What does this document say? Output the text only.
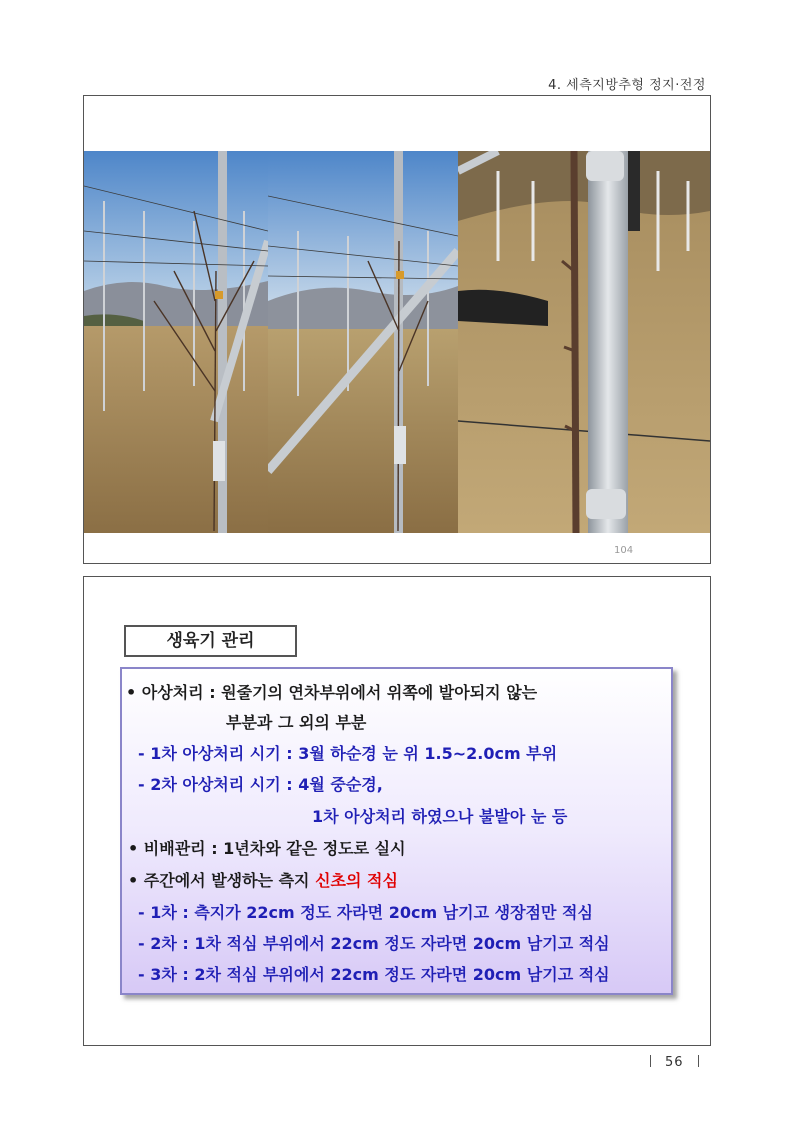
4. 세측지방추형 정지·전정
104
생육기 관리
• 아상처리 : 원줄기의 연차부위에서 위쪽에 발아되지 않는
부분과 그 외의 부분
- 1차 아상처리 시기 : 3월 하순경 눈 위 1.5~2.0cm 부위
- 2차 아상처리 시기 : 4월 중순경,
1차 아상처리 하였으나 불발아 눈 등
• 비배관리 : 1년차와 같은 정도로 실시
• 주간에서 발생하는 측지 신초의 적심
- 1차 : 측지가 22cm 정도 자라면 20cm 남기고 생장점만 적심
- 2차 : 1차 적심 부위에서 22cm 정도 자라면 20cm 남기고 적심
- 3차 : 2차 적심 부위에서 22cm 정도 자라면 20cm 남기고 적심
56
